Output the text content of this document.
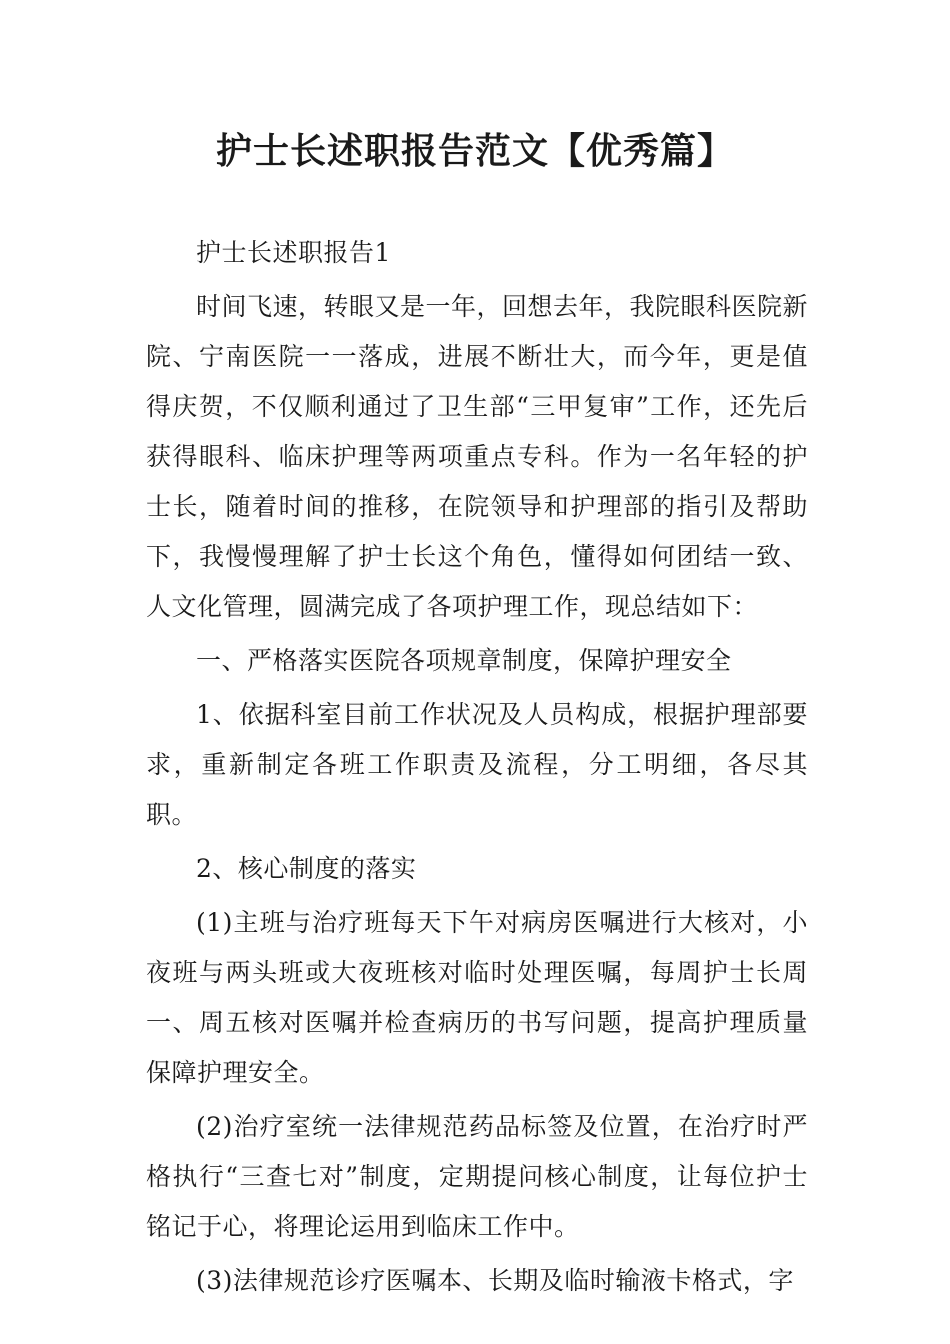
护士长述职报告范文【优秀篇】

护士长述职报告1

时间飞速，转眼又是一年，回想去年，我院眼科医院新院、宁南医院一一落成，进展不断壮大，而今年，更是值得庆贺，不仅顺利通过了卫生部“三甲复审”工作，还先后获得眼科、临床护理等两项重点专科。作为一名年轻的护士长，随着时间的推移，在院领导和护理部的指引及帮助下，我慢慢理解了护士长这个角色，懂得如何团结一致、人文化管理，圆满完成了各项护理工作，现总结如下：

一、严格落实医院各项规章制度，保障护理安全

1、依据科室目前工作状况及人员构成，根据护理部要求，重新制定各班工作职责及流程，分工明细，各尽其职。

2、核心制度的落实

(1)主班与治疗班每天下午对病房医嘱进行大核对，小夜班与两头班或大夜班核对临时处理医嘱，每周护士长周一、周五核对医嘱并检查病历的书写问题，提高护理质量保障护理安全。

(2)治疗室统一法律规范药品标签及位置，在治疗时严格执行“三查七对”制度，定期提问核心制度，让每位护士铭记于心，将理论运用到临床工作中。

(3)法律规范诊疗医嘱本、长期及临时输液卡格式，字
